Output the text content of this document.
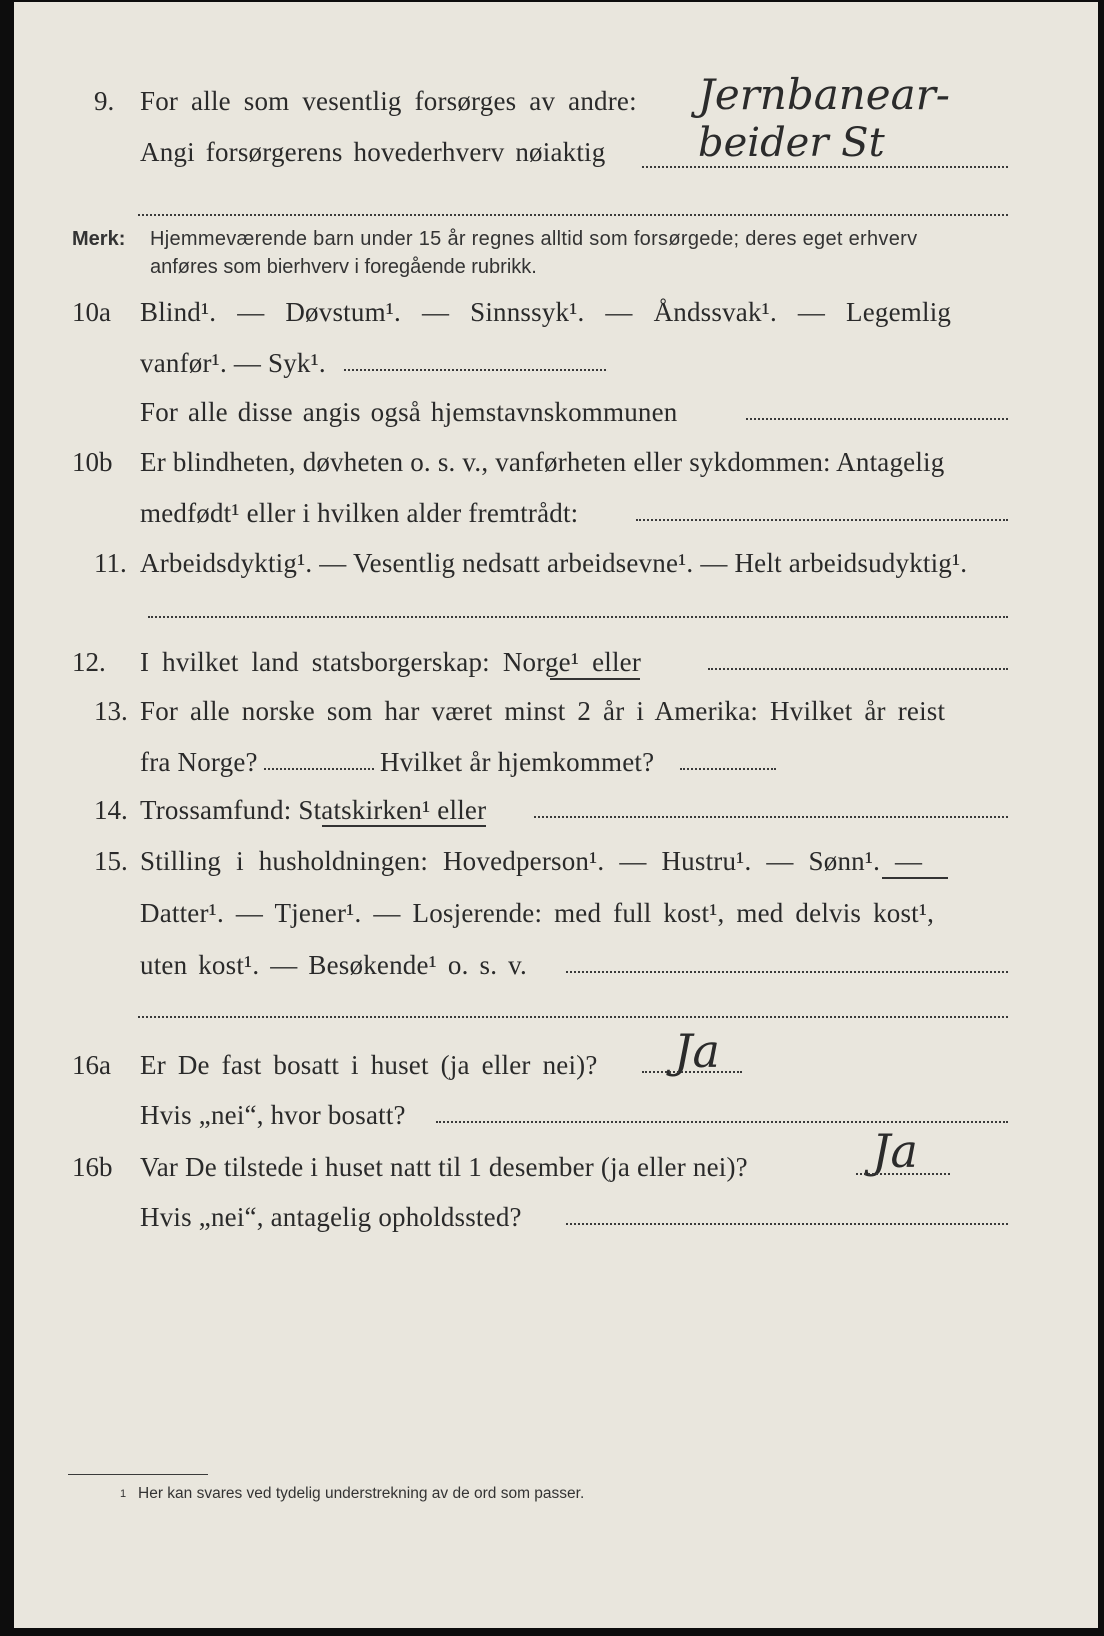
9. For alle som vesentlig forsørges av andre:
Angi forsørgerens hovederhverv nøiaktig
Jernbanear-
beider St
Merk: Hjemmeværende barn under 15 år regnes alltid som forsørgede; deres eget erhverv
anføres som bierhverv i foregående rubrikk.
10a Blind¹. — Døvstum¹. — Sinnssyk¹. — Åndssvak¹. — Legemlig
vanfør¹. — Syk¹.
For alle disse angis også hjemstavnskommunen
10b Er blindheten, døvheten o. s. v., vanførheten eller sykdommen: Antagelig
medfødt¹ eller i hvilken alder fremtrådt:
11. Arbeidsdyktig¹. — Vesentlig nedsatt arbeidsevne¹. — Helt arbeidsudyktig¹.
12. I hvilket land statsborgerskap: Norge¹ eller
13. For alle norske som har været minst 2 år i Amerika: Hvilket år reist
fra Norge?	Hvilket år hjemkommet?
14. Trossamfund: Statskirken¹ eller
15. Stilling i husholdningen: Hovedperson¹. — Hustru¹. — Sønn¹. —
Datter¹. — Tjener¹. — Losjerende: med full kost¹, med delvis kost¹,
uten kost¹. — Besøkende¹ o. s. v.
16a Er De fast bosatt i huset (ja eller nei)? Ja
Hvis „nei“, hvor bosatt?
16b Var De tilstede i huset natt til 1 desember (ja eller nei)?	Ja
Hvis „nei“, antagelig opholdssted?
1 Her kan svares ved tydelig understrekning av de ord som passer.
